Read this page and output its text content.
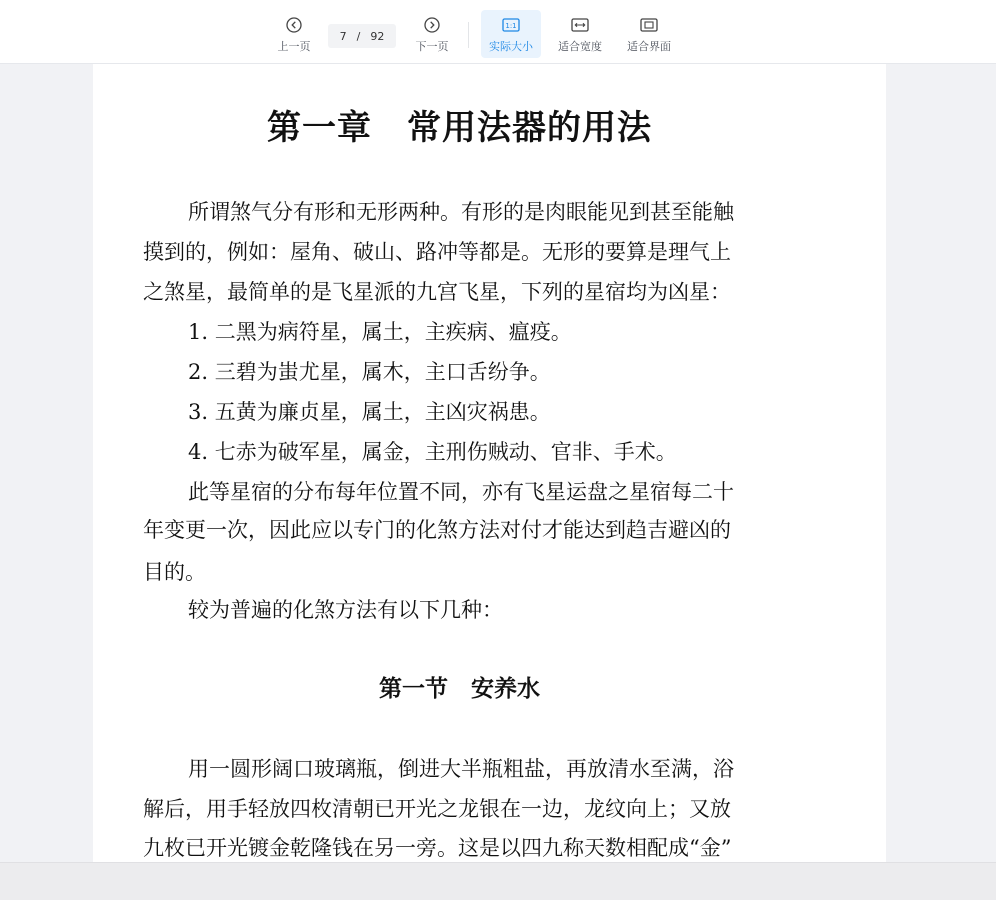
上一页
7 / 92
下一页
1:1
实际大小 适合宽度 适合界面
第一章　常用法器的用法
所谓煞气分有形和无形两种。有形的是肉眼能见到甚至能触
摸到的，例如：屋角、破山、路冲等都是。无形的要算是理气上
之煞星，最简单的是飞星派的九宫飞星，下列的星宿均为凶星：
1. 二黑为病符星，属土，主疾病、瘟疫。
2. 三碧为蚩尤星，属木，主口舌纷争。
3. 五黄为廉贞星，属土，主凶灾祸患。
4. 七赤为破军星，属金，主刑伤贼动、官非、手术。
此等星宿的分布每年位置不同，亦有飞星运盘之星宿每二十
年变更一次，因此应以专门的化煞方法对付才能达到趋吉避凶的
目的。
较为普遍的化煞方法有以下几种：
第一节　安养水
用一圆形阔口玻璃瓶，倒进大半瓶粗盐，再放清水至满，浴
解后，用手轻放四枚清朝已开光之龙银在一边，龙纹向上；又放
九枚已开光镀金乾隆钱在另一旁。这是以四九称天数相配成“金”
